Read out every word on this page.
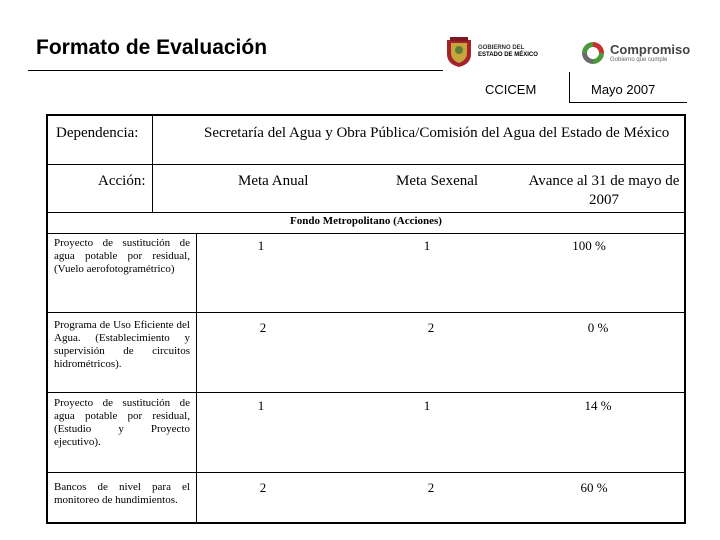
Formato de Evaluación	GOBIERNO DEL
ESTADO DE MÉXICO	Compromiso
Gobierno que cumple
CCICEM	Mayo 2007
Dependencia:	Secretaría del Agua y Obra Pública/Comisión del Agua del Estado de México
Acción:	Meta Anual	Meta Sexenal	Avance al 31 de mayo de 2007
Fondo Metropolitano (Acciones)
Proyecto de sustitución de agua potable por residual, (Vuelo aerofotogramétrico)
1	1	100 %
Programa de Uso Eficiente del Agua. (Establecimiento y supervisión de circuitos hidrométricos).
2	2	0 %
Proyecto de sustitución de agua potable por residual, (Estudio y Proyecto ejecutivo).
1	1	14 %
Bancos de nivel para el monitoreo de hundimientos.
2	2	60 %
